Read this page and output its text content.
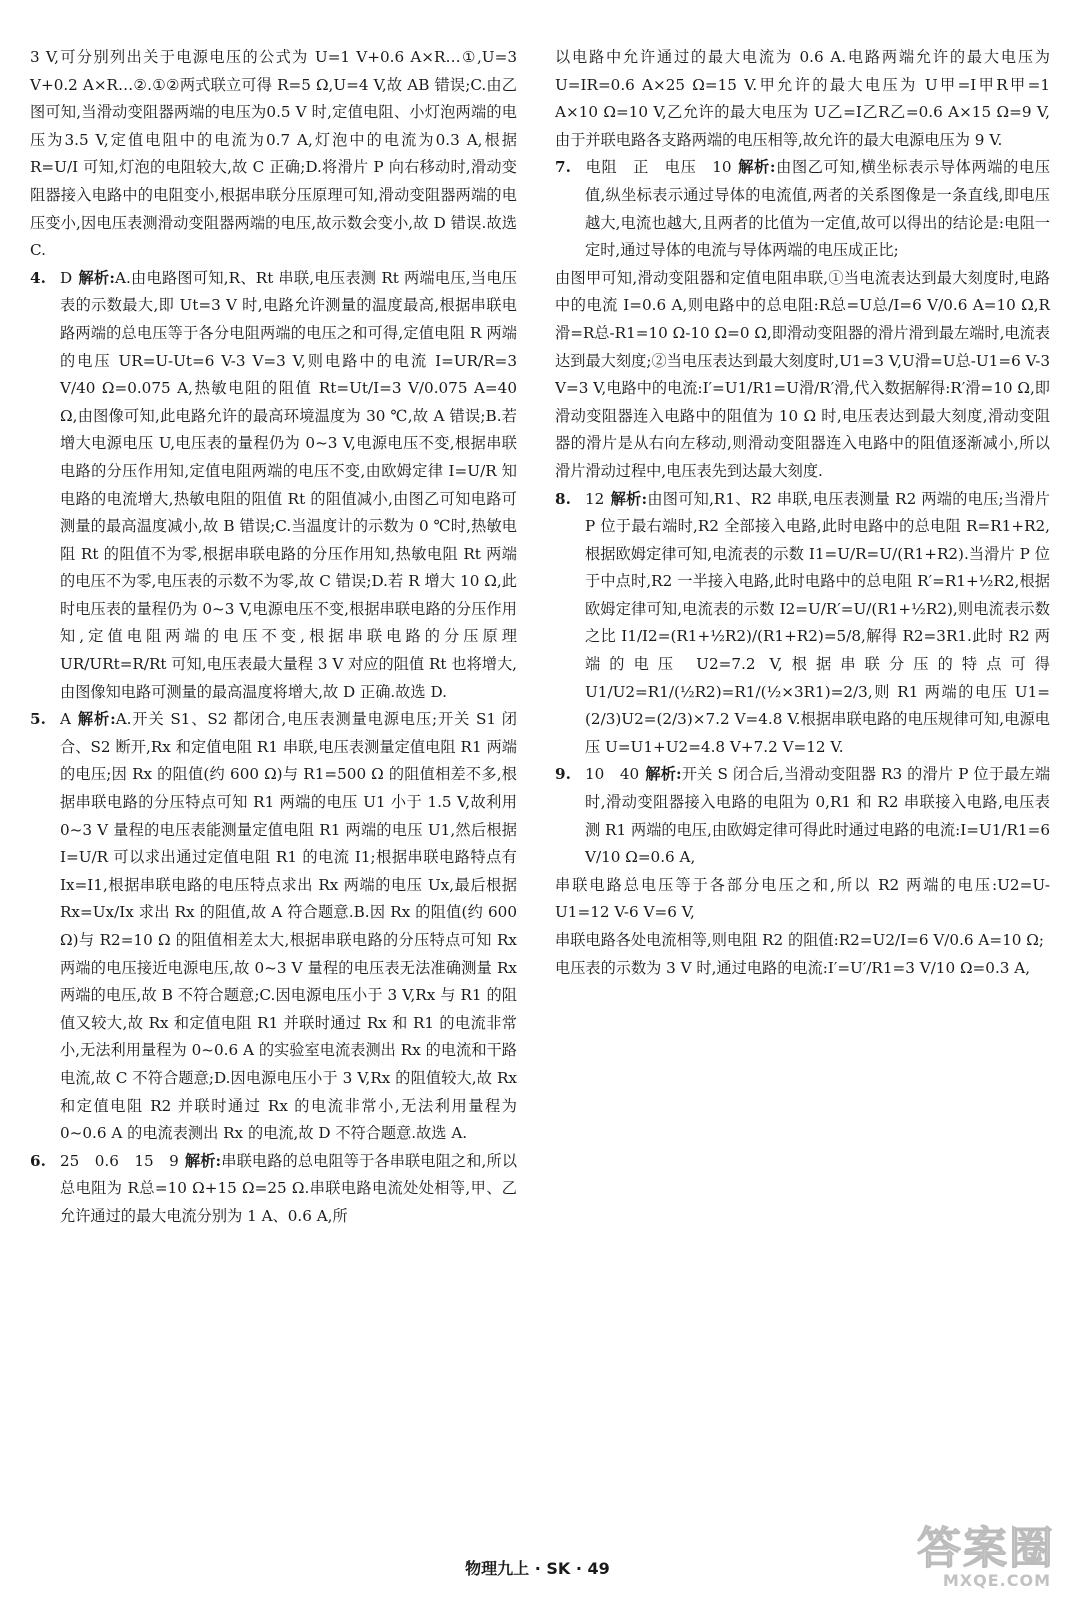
3 V,可分别列出关于电源电压的公式为 U=1 V+0.6 A×R…①,U=3 V+0.2 A×R…②.①②两式联立可得 R=5 Ω,U=4 V,故 AB 错误;C.由乙图可知,当滑动变阻器两端的电压为0.5 V 时,定值电阻、小灯泡两端的电压为3.5 V,定值电阻中的电流为0.7 A,灯泡中的电流为0.3 A,根据 R=U/I 可知,灯泡的电阻较大,故 C 正确;D.将滑片 P 向右移动时,滑动变阻器接入电路中的电阻变小,根据串联分压原理可知,滑动变阻器两端的电压变小,因电压表测滑动变阻器两端的电压,故示数会变小,故 D 错误.故选 C.

4. D 解析:A.由电路图可知,R、Rt 串联,电压表测 Rt 两端电压,当电压表的示数最大,即 Ut=3 V 时,电路允许测量的温度最高,根据串联电路两端的总电压等于各分电阻两端的电压之和可得,定值电阻 R 两端的电压 UR=U-Ut=6 V-3 V=3 V,则电路中的电流 I=UR/R=3 V/40 Ω=0.075 A,热敏电阻的阻值 Rt=Ut/I=3 V/0.075 A=40 Ω,由图像可知,此电路允许的最高环境温度为 30 ℃,故 A 错误;B.若增大电源电压 U,电压表的量程仍为 0~3 V,电源电压不变,根据串联电路的分压作用知,定值电阻两端的电压不变,由欧姆定律 I=U/R 知电路的电流增大,热敏电阻的阻值 Rt 的阻值减小,由图乙可知电路可测量的最高温度减小,故 B 错误;C.当温度计的示数为 0 ℃时,热敏电阻 Rt 的阻值不为零,根据串联电路的分压作用知,热敏电阻 Rt 两端的电压不为零,电压表的示数不为零,故 C 错误;D.若 R 增大 10 Ω,此时电压表的量程仍为 0~3 V,电源电压不变,根据串联电路的分压作用知,定值电阻两端的电压不变,根据串联电路的分压原理 UR/URt=R/Rt 可知,电压表最大量程 3 V 对应的阻值 Rt 也将增大,由图像知电路可测量的最高温度将增大,故 D 正确.故选 D.

5. A 解析:A.开关 S1、S2 都闭合,电压表测量电源电压;开关 S1 闭合、S2 断开,Rx 和定值电阻 R1 串联,电压表测量定值电阻 R1 两端的电压;因 Rx 的阻值(约 600 Ω)与 R1=500 Ω 的阻值相差不多,根据串联电路的分压特点可知 R1 两端的电压 U1 小于 1.5 V,故利用 0~3 V 量程的电压表能测量定值电阻 R1 两端的电压 U1,然后根据 I=U/R 可以求出通过定值电阻 R1 的电流 I1;根据串联电路特点有 Ix=I1,根据串联电路的电压特点求出 Rx 两端的电压 Ux,最后根据 Rx=Ux/Ix 求出 Rx 的阻值,故 A 符合题意.B.因 Rx 的阻值(约 600 Ω)与 R2=10 Ω 的阻值相差太大,根据串联电路的分压特点可知 Rx 两端的电压接近电源电压,故 0~3 V 量程的电压表无法准确测量 Rx 两端的电压,故 B 不符合题意;C.因电源电压小于 3 V,Rx 与 R1 的阻值又较大,故 Rx 和定值电阻 R1 并联时通过 Rx 和 R1 的电流非常小,无法利用量程为 0~0.6 A 的实验室电流表测出 Rx 的电流和干路电流,故 C 不符合题意;D.因电源电压小于 3 V,Rx 的阻值较大,故 Rx 和定值电阻 R2 并联时通过 Rx 的电流非常小,无法利用量程为 0~0.6 A 的电流表测出 Rx 的电流,故 D 不符合题意.故选 A.

6. 25　0.6　15　9 解析:串联电路的总电阻等于各串联电阻之和,所以总电阻为 R总=10 Ω+15 Ω=25 Ω.串联电路电流处处相等,甲、乙允许通过的最大电流分别为 1 A、0.6 A,所

以电路中允许通过的最大电流为 0.6 A.电路两端允许的最大电压为 U=IR=0.6 A×25 Ω=15 V.甲允许的最大电压为 U甲=I甲R甲=1 A×10 Ω=10 V,乙允许的最大电压为 U乙=I乙R乙=0.6 A×15 Ω=9 V,由于并联电路各支路两端的电压相等,故允许的最大电源电压为 9 V.

7. 电阻　正　电压　10 解析:由图乙可知,横坐标表示导体两端的电压值,纵坐标表示通过导体的电流值,两者的关系图像是一条直线,即电压越大,电流也越大,且两者的比值为一定值,故可以得出的结论是:电阻一定时,通过导体的电流与导体两端的电压成正比;

由图甲可知,滑动变阻器和定值电阻串联,①当电流表达到最大刻度时,电路中的电流 I=0.6 A,则电路中的总电阻:R总=U总/I=6 V/0.6 A=10 Ω,R滑=R总-R1=10 Ω-10 Ω=0 Ω,即滑动变阻器的滑片滑到最左端时,电流表达到最大刻度;②当电压表达到最大刻度时,U1=3 V,U滑=U总-U1=6 V-3 V=3 V,电路中的电流:I′=U1/R1=U滑/R′滑,代入数据解得:R′滑=10 Ω,即滑动变阻器连入电路中的阻值为 10 Ω 时,电压表达到最大刻度,滑动变阻器的滑片是从右向左移动,则滑动变阻器连入电路中的阻值逐渐减小,所以滑片滑动过程中,电压表先到达最大刻度.

8. 12 解析:由图可知,R1、R2 串联,电压表测量 R2 两端的电压;当滑片 P 位于最右端时,R2 全部接入电路,此时电路中的总电阻 R=R1+R2,根据欧姆定律可知,电流表的示数 I1=U/R=U/(R1+R2).当滑片 P 位于中点时,R2 一半接入电路,此时电路中的总电阻 R′=R1+½R2,根据欧姆定律可知,电流表的示数 I2=U/R′=U/(R1+½R2),则电流表示数之比 I1/I2=(R1+½R2)/(R1+R2)=5/8,解得 R2=3R1.此时 R2 两端的电压 U2=7.2 V,根据串联分压的特点可得 U1/U2=R1/(½R2)=R1/(½×3R1)=2/3,则 R1 两端的电压 U1=(2/3)U2=(2/3)×7.2 V=4.8 V.根据串联电路的电压规律可知,电源电压 U=U1+U2=4.8 V+7.2 V=12 V.

9. 10　40 解析:开关 S 闭合后,当滑动变阻器 R3 的滑片 P 位于最左端时,滑动变阻器接入电路的电阻为 0,R1 和 R2 串联接入电路,电压表测 R1 两端的电压,由欧姆定律可得此时通过电路的电流:I=U1/R1=6 V/10 Ω=0.6 A,

串联电路总电压等于各部分电压之和,所以 R2 两端的电压:U2=U-U1=12 V-6 V=6 V,

串联电路各处电流相等,则电阻 R2 的阻值:R2=U2/I=6 V/0.6 A=10 Ω;

电压表的示数为 3 V 时,通过电路的电流:I′=U′/R1=3 V/10 Ω=0.3 A,

物理九上 · SK · 49	答案圈
MXQE.COM
